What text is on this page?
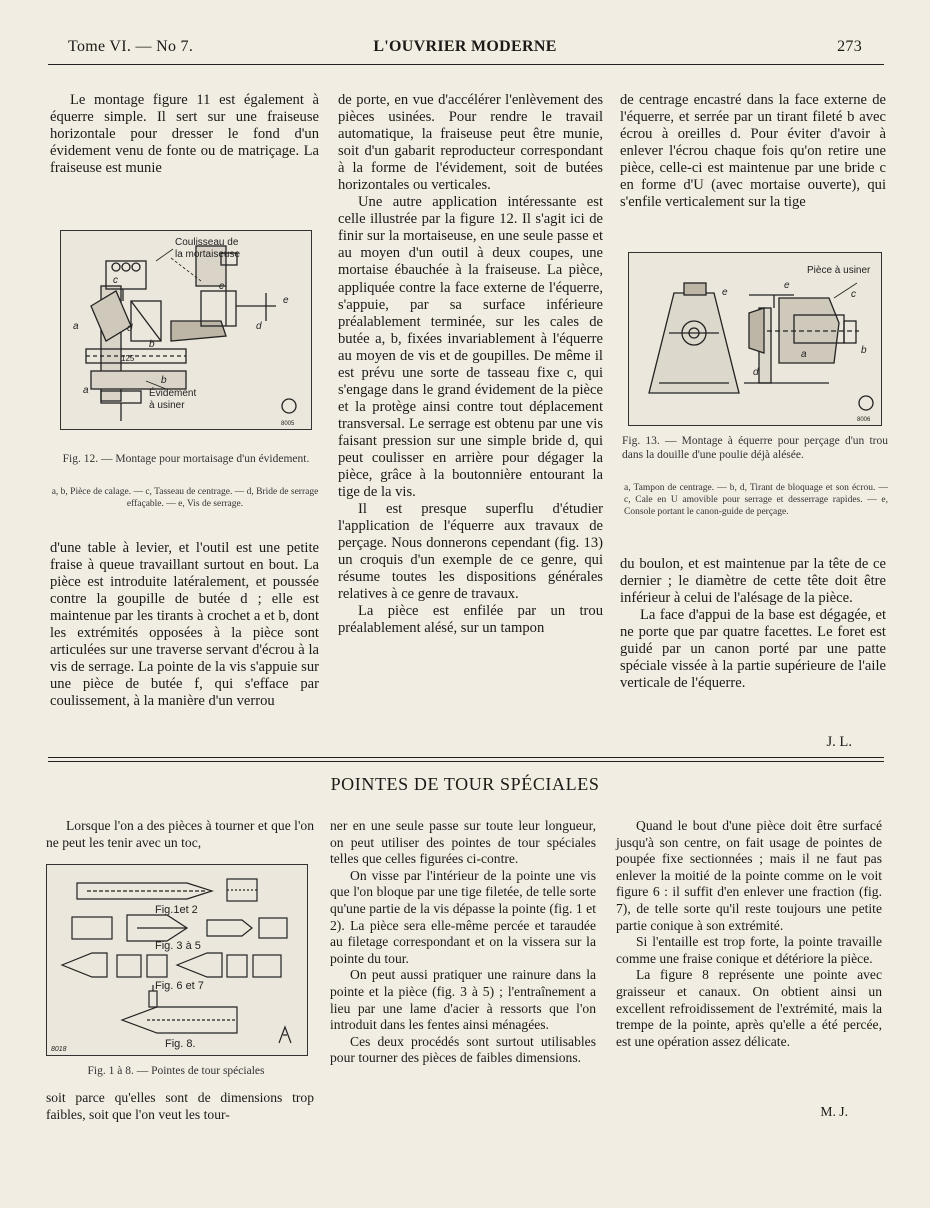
Tome VI. — No 7.	L'OUVRIER MODERNE	273

Le montage figure 11 est également à équerre simple. Il sert sur une fraiseuse horizontale pour dresser le fond d'un évidement venu de fonte ou de matriçage. La fraiseuse est munie

Coulisseau de
la mortaiseuse
c
c
a	d	d
b
e
125
b
a	Évidement
à usiner
8005
Fig. 12. — Montage pour mortaisage d'un évidement.
a, b, Pièce de calage. — c, Tasseau de centrage. — d, Bride de serrage effaçable. — e, Vis de serrage.

d'une table à levier, et l'outil est une petite fraise à queue travaillant surtout en bout. La pièce est introduite latéralement, et poussée contre la goupille de butée d ; elle est maintenue par les tirants à crochet a et b, dont les extrémités opposées à la pièce sont articulées sur une traverse servant d'écrou à la vis de serrage. La pointe de la vis s'appuie sur une pièce de butée f, qui s'efface par coulissement, à la manière d'un verrou

de porte, en vue d'accélérer l'enlèvement des pièces usinées. Pour rendre le travail automatique, la fraiseuse peut être munie, soit d'un gabarit reproducteur correspondant à la forme de l'évidement, soit de butées horizontales ou verticales.

Une autre application intéressante est celle illustrée par la figure 12. Il s'agit ici de finir sur la mortaiseuse, en une seule passe et au moyen d'un outil à deux coupes, une mortaise ébauchée à la fraiseuse. La pièce, appliquée contre la face externe de l'équerre, s'appuie, par sa surface inférieure préalablement terminée, sur les cales de butée a, b, fixées invariablement à l'équerre au moyen de vis et de goupilles. De même il est prévu une sorte de tasseau fixe c, qui s'engage dans le grand évidement de la pièce et la protège ainsi contre tout déplacement transversal. Le serrage est obtenu par une vis faisant pression sur une simple bride d, qui peut coulisser en arrière pour dégager la pièce, grâce à la boutonnière entourant la tige de la vis.

Il est presque superflu d'étudier l'application de l'équerre aux travaux de perçage. Nous donnerons cependant (fig. 13) un croquis d'un exemple de ce genre, qui résume toutes les dispositions générales relatives à ce genre de travaux.

La pièce est enfilée par un trou préalablement alésé, sur un tampon

de centrage encastré dans la face externe de l'équerre, et serrée par un tirant fileté b avec écrou à oreilles d. Pour éviter d'avoir à enlever l'écrou chaque fois qu'on retire une pièce, celle-ci est maintenue par une bride c en forme d'U (avec mortaise ouverte), qui s'enfile verticalement sur la tige

Pièce à usiner
e
e
c
b
a
d
8006
Fig. 13. — Montage à équerre pour perçage d'un trou dans la douille d'une poulie déjà alésée.
a, Tampon de centrage. — b, d, Tirant de bloquage et son écrou. — c, Cale en U amovible pour serrage et desserrage rapides. — e, Console portant le canon-guide de perçage.

du boulon, et est maintenue par la tête de ce dernier ; le diamètre de cette tête doit être inférieur à celui de l'alésage de la pièce.

La face d'appui de la base est dégagée, et ne porte que par quatre facettes. Le foret est guidé par un canon porté par une patte spéciale vissée à la partie supérieure de l'aile verticale de l'équerre.

J. L.
POINTES DE TOUR SPÉCIALES

Lorsque l'on a des pièces à tourner et que l'on ne peut les tenir avec un toc,

Fig.1et 2
Fig. 3 à 5
Fig. 6 et 7
Fig. 8.
8018
Fig. 1 à 8. — Pointes de tour spéciales

soit parce qu'elles sont de dimensions trop faibles, soit que l'on veut les tour-

ner en une seule passe sur toute leur longueur, on peut utiliser des pointes de tour spéciales telles que celles figurées ci-contre.

On visse par l'intérieur de la pointe une vis que l'on bloque par une tige filetée, de telle sorte qu'une partie de la vis dépasse la pointe (fig. 1 et 2). La pièce sera elle-même percée et taraudée au filetage correspondant et on la vissera sur la pointe du tour.

On peut aussi pratiquer une rainure dans la pointe et la pièce (fig. 3 à 5) ; l'entraînement a lieu par une lame d'acier à ressorts que l'on introduit dans les fentes ainsi ménagées.

Ces deux procédés sont surtout utilisables pour tourner des pièces de faibles dimensions.

Quand le bout d'une pièce doit être surfacé jusqu'à son centre, on fait usage de pointes de poupée fixe sectionnées ; mais il ne faut pas enlever la moitié de la pointe comme on le voit figure 6 : il suffit d'en enlever une fraction (fig. 7), de telle sorte qu'il reste toujours une petite partie conique à son extrémité.

Si l'entaille est trop forte, la pointe travaille comme une fraise conique et détériore la pièce.

La figure 8 représente une pointe avec graisseur et canaux. On obtient ainsi un excellent refroidissement de l'extrémité, mais la trempe de la pointe, après qu'elle a été percée, est une opération assez délicate.

M. J.
